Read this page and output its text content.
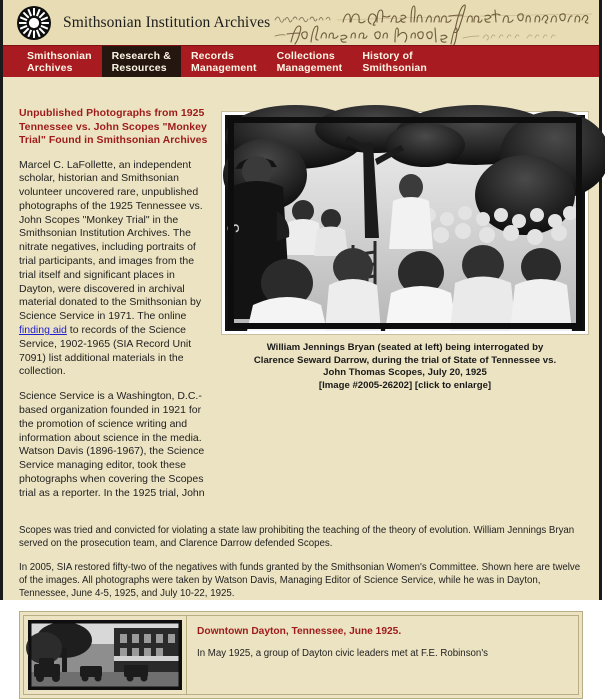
Smithsonian Institution Archives
Smithsonian
Archives
Research &
Resources
Records
Management
Collections
Management
History of
Smithsonian
Unpublished Photographs from 1925 Tennessee vs. John Scopes "Monkey Trial" Found in Smithsonian Archives

Marcel C. LaFollette, an independent scholar, historian and Smithsonian volunteer uncovered rare, unpublished photographs of the 1925 Tennessee vs. John Scopes "Monkey Trial" in the Smithsonian Institution Archives. The nitrate negatives, including portraits of trial participants, and images from the trial itself and significant places in Dayton, were discovered in archival material donated to the Smithsonian by Science Service in 1971. The online finding aid to records of the Science Service, 1902-1965 (SIA Record Unit 7091) list additional materials in the collection.

Science Service is a Washington, D.C.-based organization founded in 1921 for the promotion of science writing and information about science in the media. Watson Davis (1896-1967), the Science Service managing editor, took these photographs when covering the Scopes trial as a reporter. In the 1925 trial, John

3
William Jennings Bryan (seated at left) being interrogated by
Clarence Seward Darrow, during the trial of State of Tennessee vs.
John Thomas Scopes, July 20, 1925
[Image #2005-26202] [click to enlarge]

Scopes was tried and convicted for violating a state law prohibiting the teaching of the theory of evolution. William Jennings Bryan served on the prosecution team, and Clarence Darrow defended Scopes.

In 2005, SIA restored fifty-two of the negatives with funds granted by the Smithsonian Women's Committee. Shown here are twelve of the images. All photographs were taken by Watson Davis, Managing Editor of Science Service, while he was in Dayton, Tennessee, June 4-5, 1925, and July 10-22, 1925.

Downtown Dayton, Tennessee, June 1925.

In May 1925, a group of Dayton civic leaders met at F.E. Robinson's
